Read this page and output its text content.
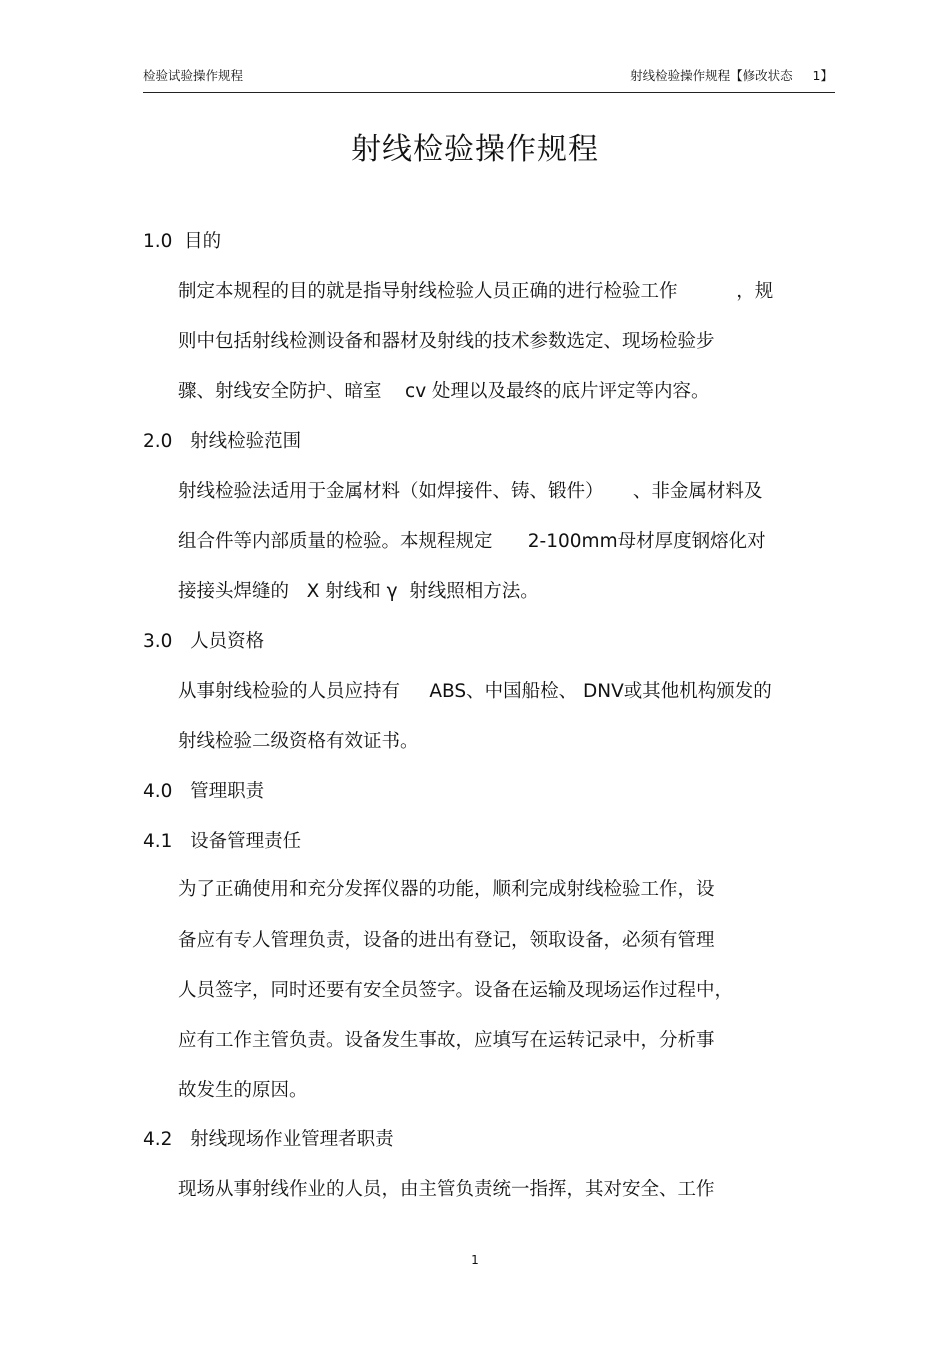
检验试验操作规程	射线检验操作规程【修改状态     1】
射线检验操作规程
1.0  目的
制定本规程的目的就是指导射线检验人员正确的进行检验工作          ，规
则中包括射线检测设备和器材及射线的技术参数选定、现场检验步
骤、射线安全防护、暗室    cv 处理以及最终的底片评定等内容。
2.0   射线检验范围
射线检验法适用于金属材料（如焊接件、铸、锻件）     、非金属材料及
组合件等内部质量的检验。本规程规定      2-100mm母材厚度钢熔化对
接接头焊缝的   X 射线和 γ  射线照相方法。
3.0   人员资格
从事射线检验的人员应持有     ABS、中国船检、 DNV或其他机构颁发的
射线检验二级资格有效证书。
4.0   管理职责
4.1   设备管理责任
为了正确使用和充分发挥仪器的功能，顺利完成射线检验工作，设
备应有专人管理负责，设备的进出有登记，领取设备，必须有管理
人员签字，同时还要有安全员签字。设备在运输及现场运作过程中，
应有工作主管负责。设备发生事故，应填写在运转记录中，分析事
故发生的原因。
4.2   射线现场作业管理者职责
现场从事射线作业的人员，由主管负责统一指挥，其对安全、工作
1
